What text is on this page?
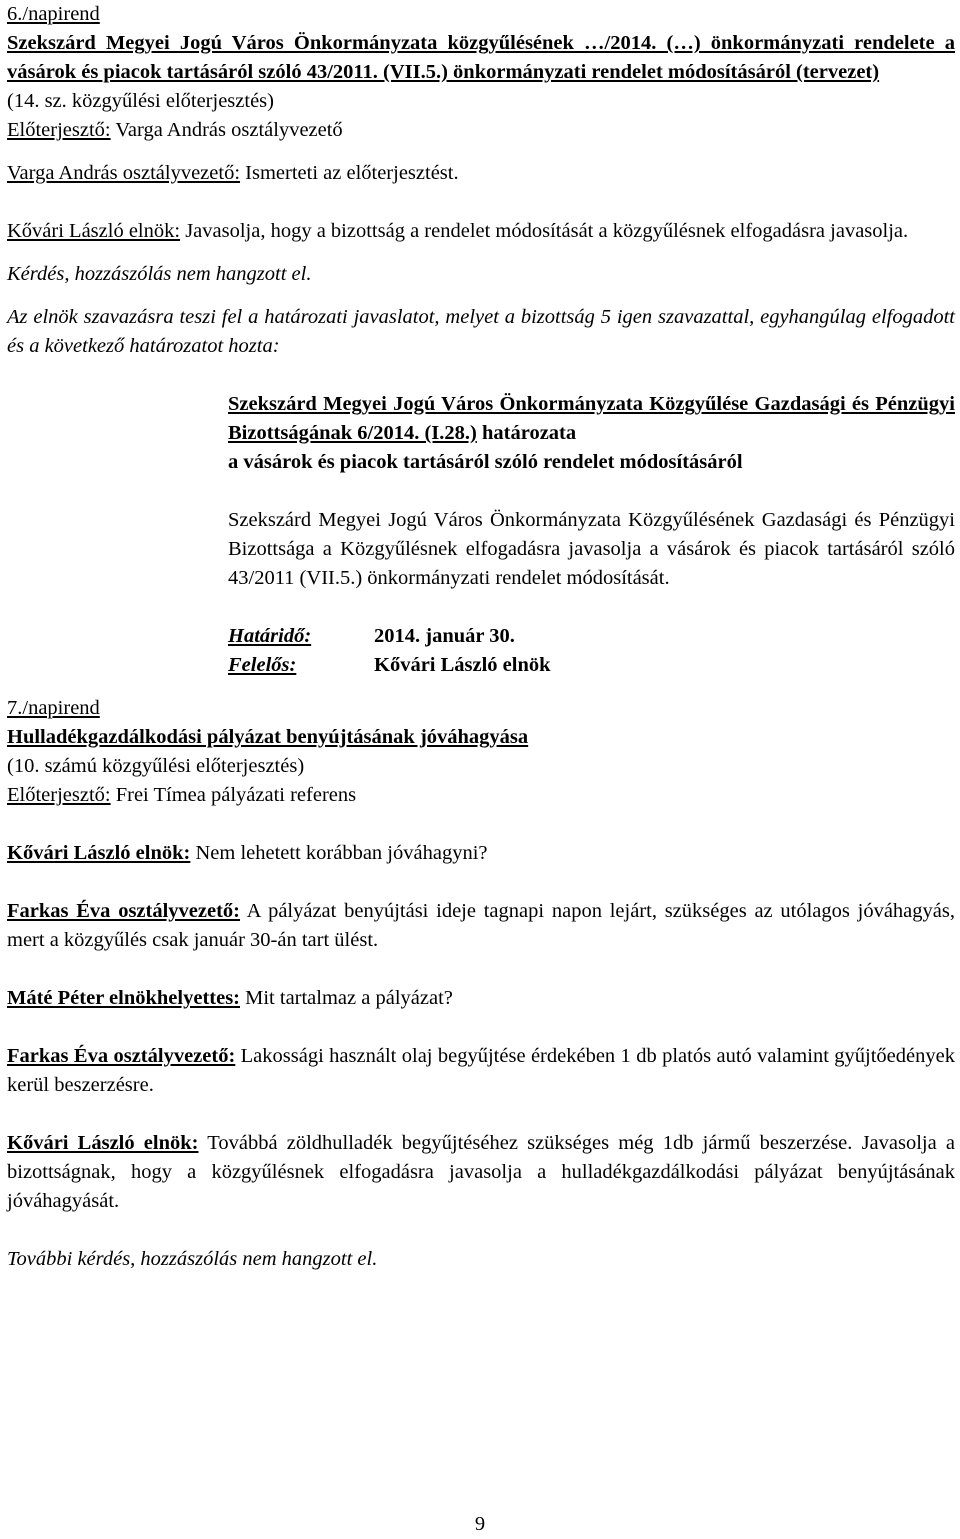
6./napirend

Szekszárd Megyei Jogú Város Önkormányzata közgyűlésének …/2014. (…) önkormányzati rendelete a vásárok és piacok tartásáról szóló 43/2011. (VII.5.) önkormányzati rendelet módosításáról (tervezet)

(14. sz. közgyűlési előterjesztés)

Előterjesztő: Varga András osztályvezető

Varga András osztályvezető: Ismerteti az előterjesztést.

Kővári László elnök: Javasolja, hogy a bizottság a rendelet módosítását a közgyűlésnek elfogadásra javasolja.

Kérdés, hozzászólás nem hangzott el.

Az elnök szavazásra teszi fel a határozati javaslatot, melyet a bizottság 5 igen szavazattal, egyhangúlag elfogadott és a következő határozatot hozta:

Szekszárd Megyei Jogú Város Önkormányzata Közgyűlése Gazdasági és Pénzügyi Bizottságának 6/2014. (I.28.) határozata

a vásárok és piacok tartásáról szóló rendelet módosításáról

Szekszárd Megyei Jogú Város Önkormányzata Közgyűlésének Gazdasági és Pénzügyi Bizottsága a Közgyűlésnek elfogadásra javasolja a vásárok és piacok tartásáról szóló 43/2011 (VII.5.) önkormányzati rendelet módosítását.

Határidő:	2014. január 30.
Felelős:	Kővári László elnök

7./napirend

Hulladékgazdálkodási pályázat benyújtásának jóváhagyása

(10. számú közgyűlési előterjesztés)

Előterjesztő: Frei Tímea pályázati referens

Kővári László elnök: Nem lehetett korábban jóváhagyni?

Farkas Éva osztályvezető: A pályázat benyújtási ideje tagnapi napon lejárt, szükséges az utólagos jóváhagyás, mert a közgyűlés csak január 30-án tart ülést.

Máté Péter elnökhelyettes: Mit tartalmaz a pályázat?

Farkas Éva osztályvezető: Lakossági használt olaj begyűjtése érdekében 1 db platós autó valamint gyűjtőedények kerül beszerzésre.

Kővári László elnök: Továbbá zöldhulladék begyűjtéséhez szükséges még 1db jármű beszerzése. Javasolja a bizottságnak, hogy a közgyűlésnek elfogadásra javasolja a hulladékgazdálkodási pályázat benyújtásának jóváhagyását.

További kérdés, hozzászólás nem hangzott el.

9
